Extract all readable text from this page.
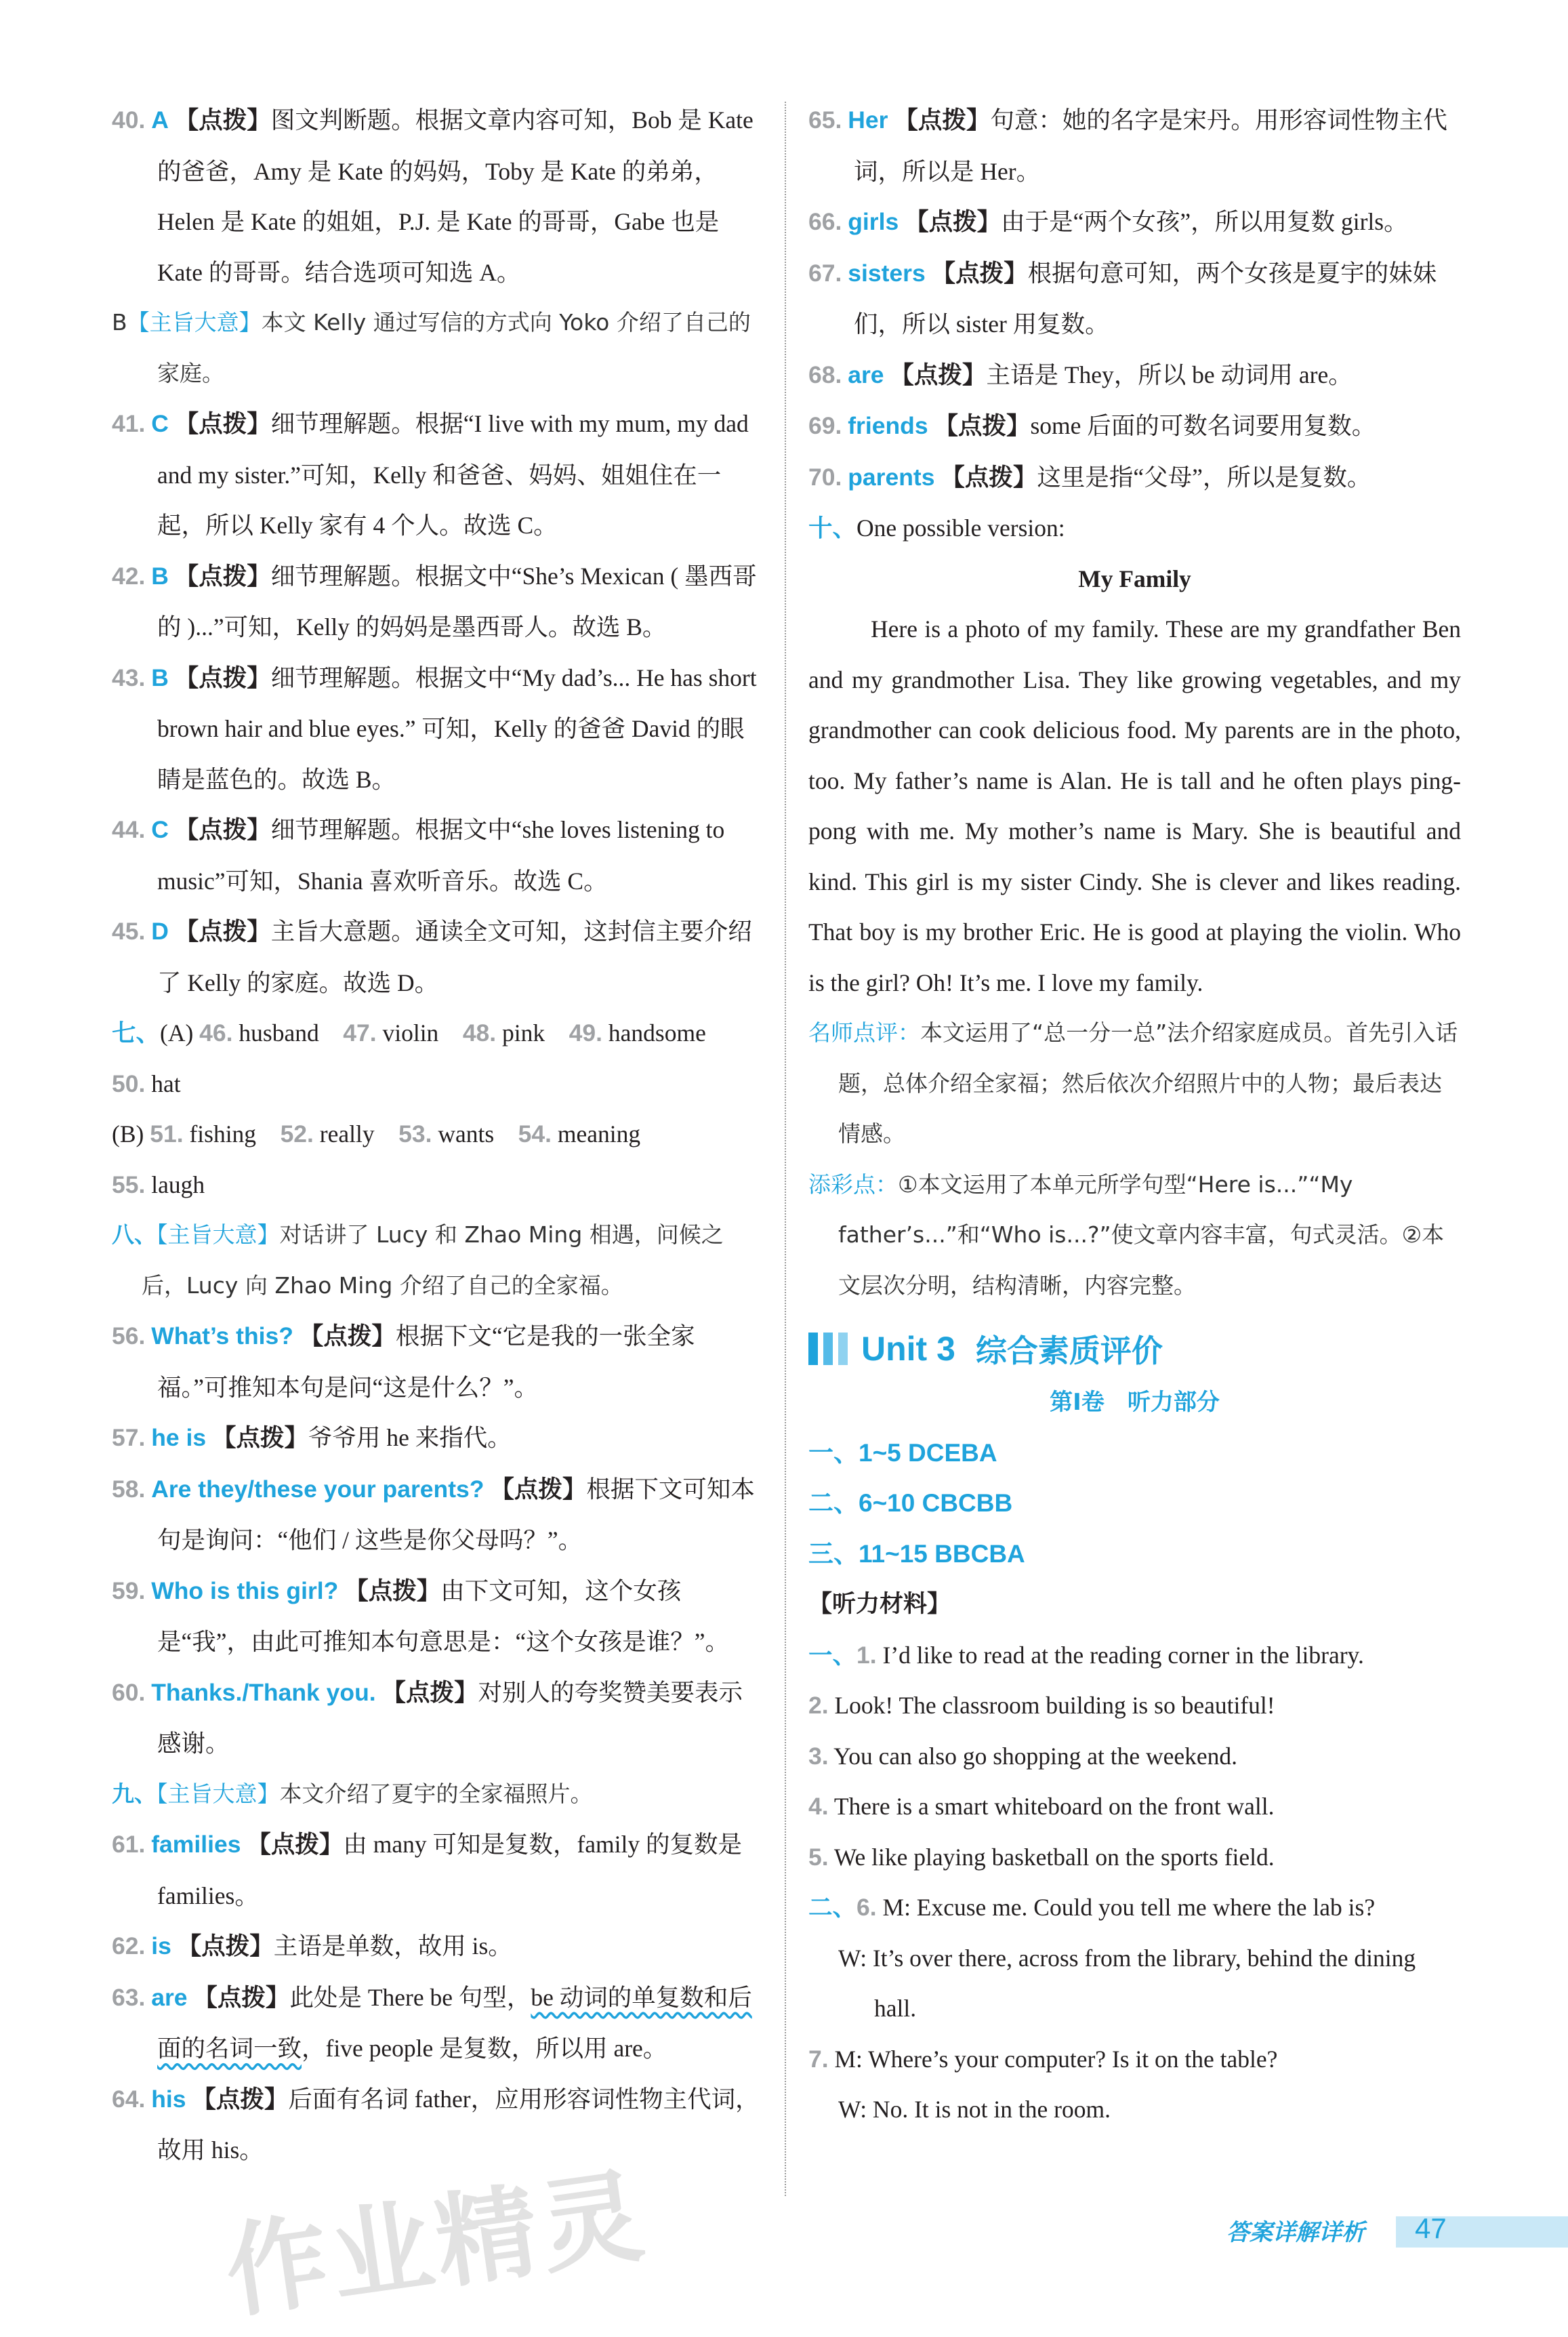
40. A 【点拨】图文判断题。根据文章内容可知，Bob 是 Kate 的爸爸，Amy 是 Kate 的妈妈，Toby 是 Kate 的弟弟，Helen 是 Kate 的姐姐，P.J. 是 Kate 的哥哥，Gabe 也是 Kate 的哥哥。结合选项可知选 A。

B【主旨大意】本文 Kelly 通过写信的方式向 Yoko 介绍了自己的家庭。

41. C 【点拨】细节理解题。根据“I live with my mum, my dad and my sister.”可知，Kelly 和爸爸、妈妈、姐姐住在一起，所以 Kelly 家有 4 个人。故选 C。

42. B 【点拨】细节理解题。根据文中“She’s Mexican ( 墨西哥的 )...”可知，Kelly 的妈妈是墨西哥人。故选 B。

43. B 【点拨】细节理解题。根据文中“My dad’s... He has short brown hair and blue eyes.” 可知，Kelly 的爸爸 David 的眼睛是蓝色的。故选 B。

44. C 【点拨】细节理解题。根据文中“she loves listening to music”可知，Shania 喜欢听音乐。故选 C。

45. D 【点拨】主旨大意题。通读全文可知，这封信主要介绍了 Kelly 的家庭。故选 D。

七、(A) 46. husband 47. violin 48. pink 49. handsome
50. hat

(B) 51. fishing 52. really 53. wants 54. meaning
55. laugh

八、【主旨大意】对话讲了 Lucy 和 Zhao Ming 相遇，问候之后，Lucy 向 Zhao Ming 介绍了自己的全家福。

56. What’s this? 【点拨】根据下文“它是我的一张全家福。”可推知本句是问“这是什么？”。

57. he is 【点拨】爷爷用 he 来指代。

58. Are they/these your parents? 【点拨】根据下文可知本句是询问：“他们 / 这些是你父母吗？”。

59. Who is this girl? 【点拨】由下文可知，这个女孩是“我”，由此可推知本句意思是：“这个女孩是谁？”。

60. Thanks./Thank you. 【点拨】对别人的夸奖赞美要表示感谢。

九、【主旨大意】本文介绍了夏宇的全家福照片。

61. families 【点拨】由 many 可知是复数，family 的复数是 families。

62. is 【点拨】主语是单数，故用 is。

63. are 【点拨】此处是 There be 句型，be 动词的单复数和后面的名词一致，five people 是复数，所以用 are。

64. his 【点拨】后面有名词 father，应用形容词性物主代词，故用 his。

65. Her 【点拨】句意：她的名字是宋丹。用形容词性物主代词，所以是 Her。

66. girls 【点拨】由于是“两个女孩”，所以用复数 girls。

67. sisters 【点拨】根据句意可知，两个女孩是夏宇的妹妹们，所以 sister 用复数。

68. are 【点拨】主语是 They，所以 be 动词用 are。

69. friends 【点拨】some 后面的可数名词要用复数。

70. parents 【点拨】这里是指“父母”，所以是复数。

十、One possible version:

My Family

Here is a photo of my family. These are my grandfather Ben and my grandmother Lisa. They like growing vegetables, and my grandmother can cook delicious food. My parents are in the photo, too. My father’s name is Alan. He is tall and he often plays ping-pong with me. My mother’s name is Mary. She is beautiful and kind. This girl is my sister Cindy. She is clever and likes reading. That boy is my brother Eric. He is good at playing the violin. Who is the girl? Oh! It’s me. I love my family.

名师点评：本文运用了“总一分一总”法介绍家庭成员。首先引入话题，总体介绍全家福；然后依次介绍照片中的人物；最后表达情感。

添彩点：①本文运用了本单元所学句型“Here is...”“My father’s...”和“Who is...?”使文章内容丰富，句式灵活。②本文层次分明，结构清晰，内容完整。

Unit 3 综合素质评价

第Ⅰ卷　听力部分

一、1~5 DCEBA

二、6~10 CBCBB

三、11~15 BBCBA

【听力材料】

一、1. I’d like to read at the reading corner in the library.

2. Look! The classroom building is so beautiful!

3. You can also go shopping at the weekend.

4. There is a smart whiteboard on the front wall.

5. We like playing basketball on the sports field.

二、6. M: Excuse me. Could you tell me where the lab is?

W: It’s over there, across from the library, behind the dining hall.

7. M: Where’s your computer? Is it on the table?

W: No. It is not in the room.

答案详解详析 47
作业精灵
